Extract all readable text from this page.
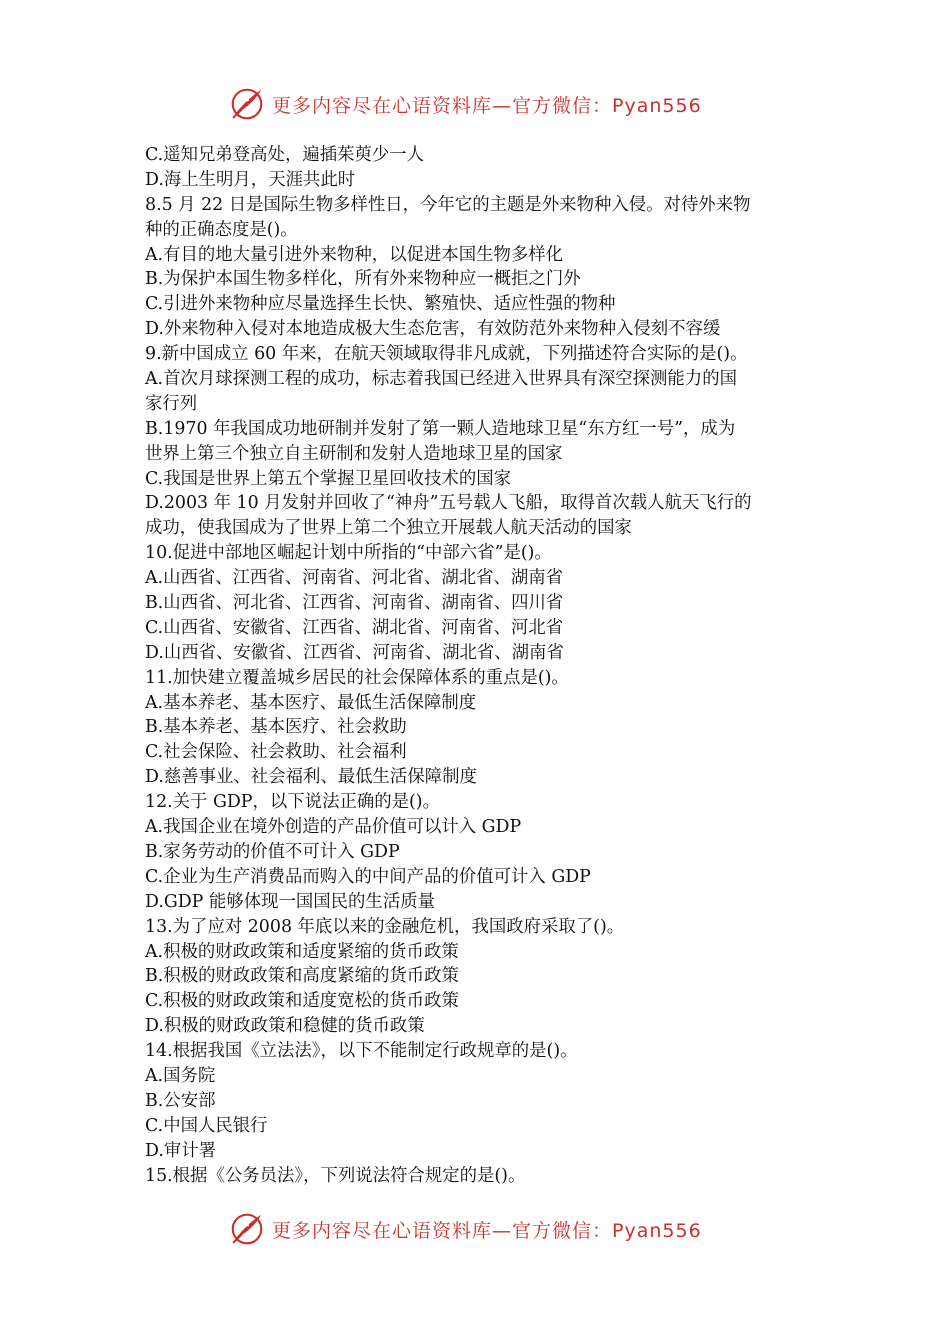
更多内容尽在心语资料库—官方微信：Pyan556
C.遥知兄弟登高处，遍插茱萸少一人
D.海上生明月，天涯共此时
8.5 月 22 日是国际生物多样性日，今年它的主题是外来物种入侵。对待外来物
种的正确态度是()。
A.有目的地大量引进外来物种，以促进本国生物多样化
B.为保护本国生物多样化，所有外来物种应一概拒之门外
C.引进外来物种应尽量选择生长快、繁殖快、适应性强的物种
D.外来物种入侵对本地造成极大生态危害，有效防范外来物种入侵刻不容缓
9.新中国成立 60 年来，在航天领域取得非凡成就，下列描述符合实际的是()。
A.首次月球探测工程的成功，标志着我国已经进入世界具有深空探测能力的国
家行列
B.1970 年我国成功地研制并发射了第一颗人造地球卫星“东方红一号”，成为
世界上第三个独立自主研制和发射人造地球卫星的国家
C.我国是世界上第五个掌握卫星回收技术的国家
D.2003 年 10 月发射并回收了“神舟”五号载人飞船，取得首次载人航天飞行的
成功，使我国成为了世界上第二个独立开展载人航天活动的国家
10.促进中部地区崛起计划中所指的“中部六省”是()。
A.山西省、江西省、河南省、河北省、湖北省、湖南省
B.山西省、河北省、江西省、河南省、湖南省、四川省
C.山西省、安徽省、江西省、湖北省、河南省、河北省
D.山西省、安徽省、江西省、河南省、湖北省、湖南省
11.加快建立覆盖城乡居民的社会保障体系的重点是()。
A.基本养老、基本医疗、最低生活保障制度
B.基本养老、基本医疗、社会救助
C.社会保险、社会救助、社会福利
D.慈善事业、社会福利、最低生活保障制度
12.关于 GDP，以下说法正确的是()。
A.我国企业在境外创造的产品价值可以计入 GDP
B.家务劳动的价值不可计入 GDP
C.企业为生产消费品而购入的中间产品的价值可计入 GDP
D.GDP 能够体现一国国民的生活质量
13.为了应对 2008 年底以来的金融危机，我国政府采取了()。
A.积极的财政政策和适度紧缩的货币政策
B.积极的财政政策和高度紧缩的货币政策
C.积极的财政政策和适度宽松的货币政策
D.积极的财政政策和稳健的货币政策
14.根据我国《立法法》，以下不能制定行政规章的是()。
A.国务院
B.公安部
C.中国人民银行
D.审计署
15.根据《公务员法》，下列说法符合规定的是()。
更多内容尽在心语资料库—官方微信：Pyan556
